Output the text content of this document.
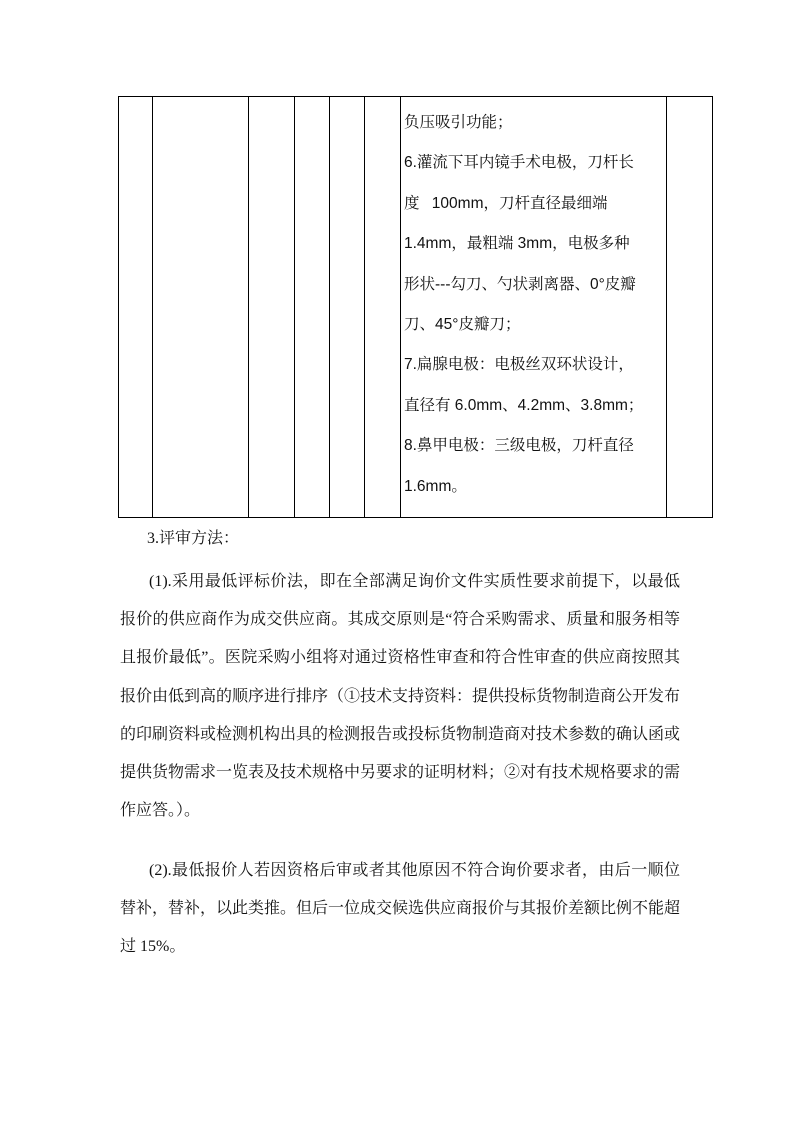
负压吸引功能；
6.灌流下耳内镜手术电极，刀杆长
度 100mm，刀杆直径最细端
1.4mm，最粗端 3mm，电极多种
形状---勾刀、勺状剥离器、0°皮瓣
刀、45°皮瓣刀；
7.扁腺电极：电极丝双环状设计，
直径有 6.0mm、4.2mm、3.8mm；
8.鼻甲电极：三级电极，刀杆直径
1.6mm。

3.评审方法：

(1).采用最低评标价法，即在全部满足询价文件实质性要求前提下，以最低报价的供应商作为成交供应商。其成交原则是“符合采购需求、质量和服务相等且报价最低”。医院采购小组将对通过资格性审查和符合性审查的供应商按照其报价由低到高的顺序进行排序（①技术支持资料：提供投标货物制造商公开发布的印刷资料或检测机构出具的检测报告或投标货物制造商对技术参数的确认函或提供货物需求一览表及技术规格中另要求的证明材料；②对有技术规格要求的需作应答。）。

(2).最低报价人若因资格后审或者其他原因不符合询价要求者，由后一顺位替补，替补，以此类推。但后一位成交候选供应商报价与其报价差额比例不能超过 15%。
